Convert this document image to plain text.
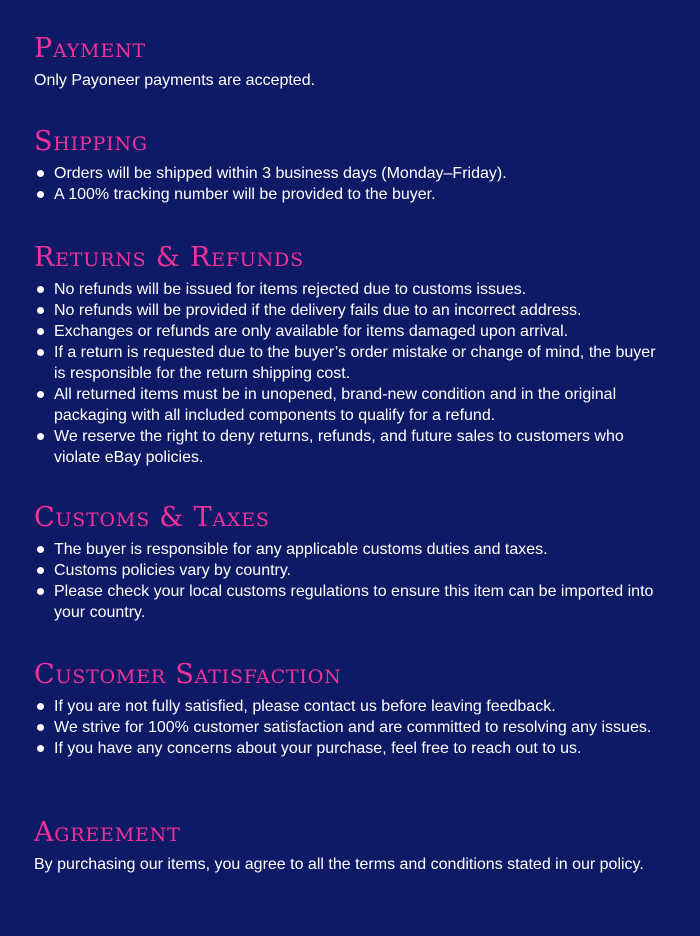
Payment

Only Payoneer payments are accepted.

Shipping
Orders will be shipped within 3 business days (Monday–Friday).
A 100% tracking number will be provided to the buyer.
Returns & Refunds
No refunds will be issued for items rejected due to customs issues.
No refunds will be provided if the delivery fails due to an incorrect address.
Exchanges or refunds are only available for items damaged upon arrival.
If a return is requested due to the buyer’s order mistake or change of mind, the buyer is responsible for the return shipping cost.
All returned items must be in unopened, brand-new condition and in the original packaging with all included components to qualify for a refund.
We reserve the right to deny returns, refunds, and future sales to customers who violate eBay policies.
Customs & Taxes
The buyer is responsible for any applicable customs duties and taxes.
Customs policies vary by country.
Please check your local customs regulations to ensure this item can be imported into your country.
Customer Satisfaction
If you are not fully satisfied, please contact us before leaving feedback.
We strive for 100% customer satisfaction and are committed to resolving any issues.
If you have any concerns about your purchase, feel free to reach out to us.
Agreement

By purchasing our items, you agree to all the terms and conditions stated in our policy.
